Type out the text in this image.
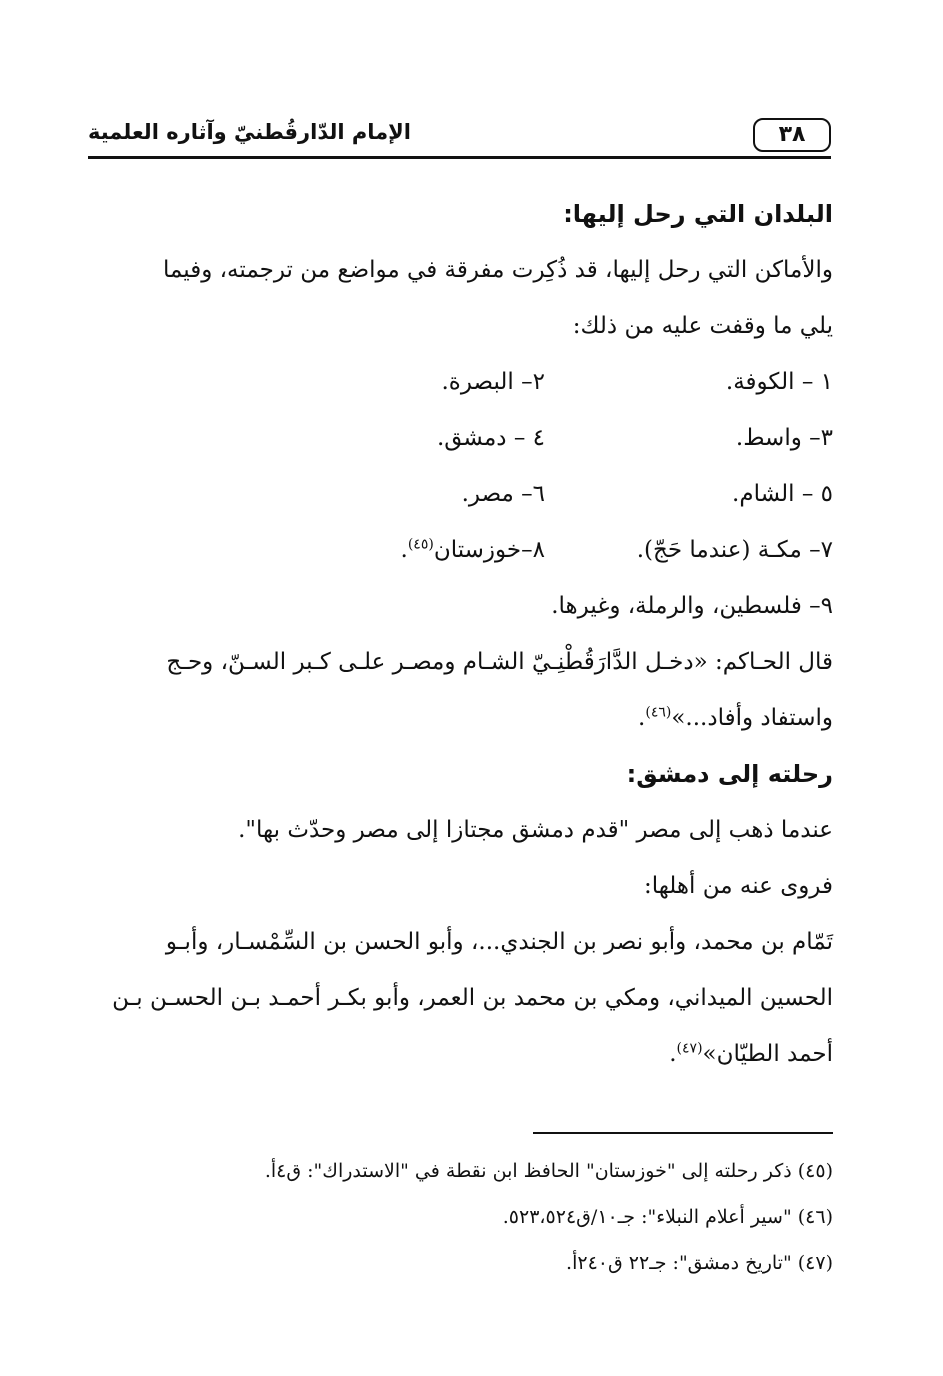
٣٨
الإمام الدّارقُطنيّ وآثاره العلمية
البلدان التي رحل إليها:
والأماكن التي رحل إليها، قد ذُكِرت مفرقة في مواضع من ترجمته، وفيما
يلي ما وقفت عليه من ذلك:
١ – الكوفة.
٢– البصرة.
٣– واسط.
٤ – دمشق.
٥ – الشام.
٦– مصر.
٧– مكـة (عندما حَجّ).
٨–خوزستان$^{(٤٥)}$.
٩– فلسطين، والرملة، وغيرها.
قال الحـاكم: «دخـل الدَّارَقُطْنِـيّ الشـام ومصـر علـى كـبر السـنّ، وحـج
واستفاد وأفاد...»$^{(٤٦)}$.
رحلته إلى دمشق:
عندما ذهب إلى مصر "قدم دمشق مجتازا إلى مصر وحدّث بها".
فروى عنه من أهلها:
تَمّام بن محمد، وأبو نصر بن الجندي...، وأبو الحسن بن السِّمْسـار، وأبـو
الحسين الميداني، ومكي بن محمد بن العمر، وأبو بكـر أحمـد بـن الحسـن بـن
أحمد الطيّان»$^{(٤٧)}$.
(٤٥) ذكر رحلته إلى "خوزستان" الحافظ ابن نقطة في "الاستدراك": ق٤أ.
(٤٦) "سير أعلام النبلاء": جـ١٠/ق٥٢٣،٥٢٤.
(٤٧) "تاريخ دمشق": جـ٢٢ ق٢٤٠أ.
